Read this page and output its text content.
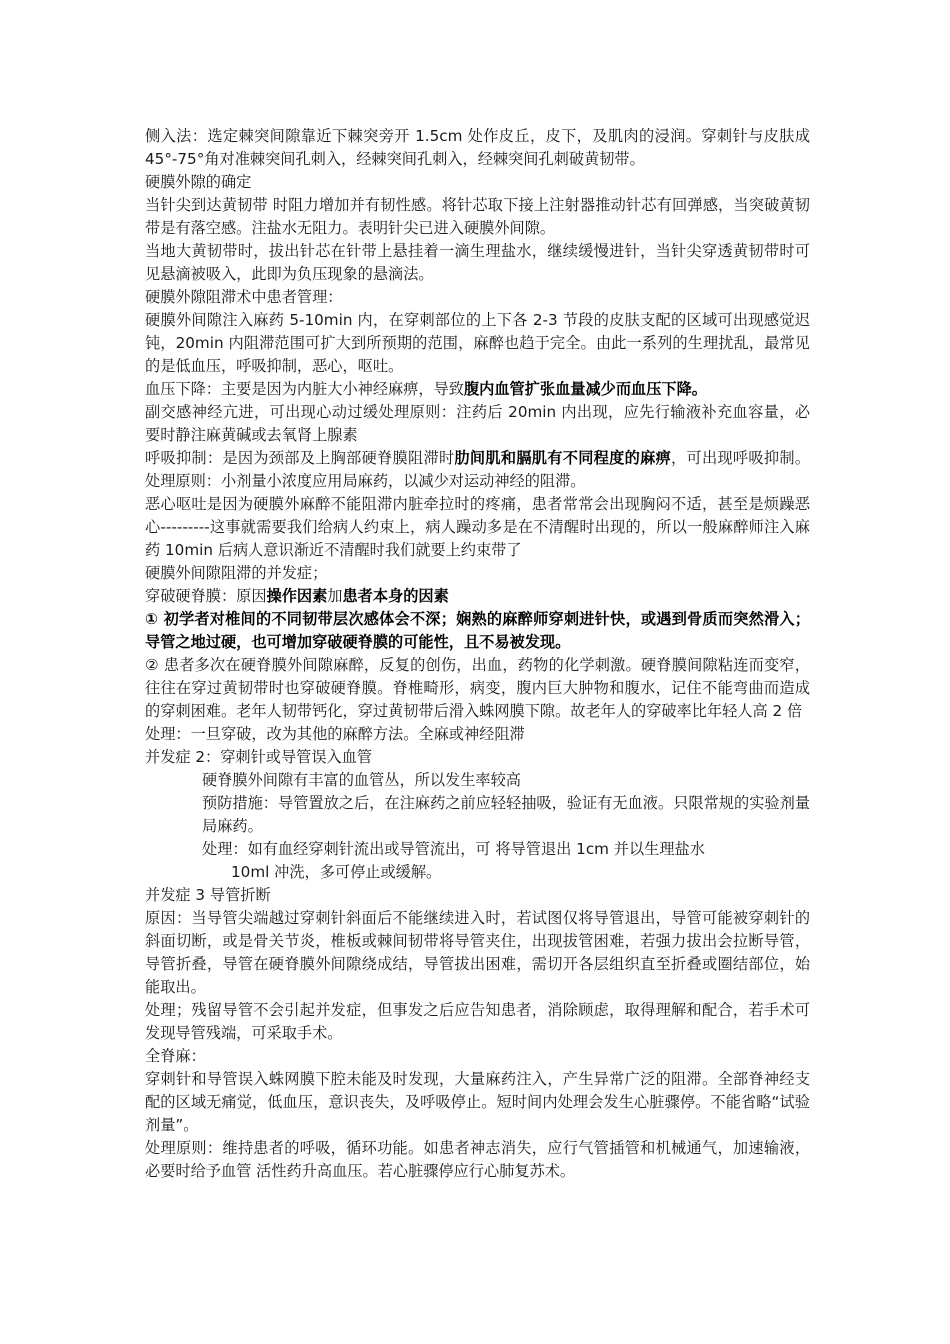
侧入法：选定棘突间隙靠近下棘突旁开 1.5cm 处作皮丘，皮下，及肌肉的浸润。穿刺针与皮肤成 45°-75°角对准棘突间孔刺入，经棘突间孔刺入，经棘突间孔刺破黄韧带。

硬膜外隙的确定

当针尖到达黄韧带 时阻力增加并有韧性感。将针芯取下接上注射器推动针芯有回弹感，当突破黄韧带是有落空感。注盐水无阻力。表明针尖已进入硬膜外间隙。

当地大黄韧带时，拔出针芯在针带上悬挂着一滴生理盐水，继续缓慢进针，当针尖穿透黄韧带时可见悬滴被吸入，此即为负压现象的悬滴法。

硬膜外隙阻滞术中患者管理：

硬膜外间隙注入麻药 5-10min 内，在穿刺部位的上下各 2-3 节段的皮肤支配的区域可出现感觉迟钝，20min 内阻滞范围可扩大到所预期的范围，麻醉也趋于完全。由此一系列的生理扰乱，最常见的是低血压，呼吸抑制，恶心，呕吐。

血压下降：主要是因为内脏大小神经麻痹，导致腹内血管扩张血量减少而血压下降。

副交感神经亢进，可出现心动过缓处理原则：注药后 20min 内出现，应先行输液补充血容量，必要时静注麻黄碱或去氧肾上腺素

呼吸抑制：是因为颈部及上胸部硬脊膜阻滞时肋间肌和膈肌有不同程度的麻痹，可出现呼吸抑制。处理原则：小剂量小浓度应用局麻药，以减少对运动神经的阻滞。

恶心呕吐是因为硬膜外麻醉不能阻滞内脏牵拉时的疼痛，患者常常会出现胸闷不适，甚至是烦躁恶心---------这事就需要我们给病人约束上，病人躁动多是在不清醒时出现的，所以一般麻醉师注入麻药 10min 后病人意识渐近不清醒时我们就要上约束带了

硬膜外间隙阻滞的并发症；

穿破硬脊膜：原因操作因素加患者本身的因素

① 初学者对椎间的不同韧带层次感体会不深；娴熟的麻醉师穿刺进针快，或遇到骨质而突然滑入；导管之地过硬，也可增加穿破硬脊膜的可能性，且不易被发现。

② 患者多次在硬脊膜外间隙麻醉，反复的创伤，出血，药物的化学刺激。硬脊膜间隙粘连而变窄，往往在穿过黄韧带时也穿破硬脊膜。脊椎畸形，病变，腹内巨大肿物和腹水，记住不能弯曲而造成的穿刺困难。老年人韧带钙化，穿过黄韧带后滑入蛛网膜下隙。故老年人的穿破率比年轻人高 2 倍

处理：一旦穿破，改为其他的麻醉方法。全麻或神经阻滞

并发症 2：穿刺针或导管误入血管

硬脊膜外间隙有丰富的血管丛，所以发生率较高

预防措施：导管置放之后，在注麻药之前应轻轻抽吸，验证有无血液。只限常规的实验剂量局麻药。

处理：如有血经穿刺针流出或导管流出，可 将导管退出 1cm 并以生理盐水

10ml 冲洗，多可停止或缓解。

并发症 3 导管折断

原因：当导管尖端越过穿刺针斜面后不能继续进入时，若试图仅将导管退出，导管可能被穿刺针的斜面切断，或是骨关节炎，椎板或棘间韧带将导管夹住，出现拔管困难，若强力拔出会拉断导管，导管折叠，导管在硬脊膜外间隙绕成结，导管拔出困难，需切开各层组织直至折叠或圈结部位，始能取出。

处理；残留导管不会引起并发症，但事发之后应告知患者，消除顾虑，取得理解和配合，若手术可发现导管残端，可采取手术。

全脊麻：

穿刺针和导管误入蛛网膜下腔未能及时发现，大量麻药注入，产生异常广泛的阻滞。全部脊神经支配的区域无痛觉，低血压，意识丧失，及呼吸停止。短时间内处理会发生心脏骤停。不能省略“试验剂量”。

处理原则：维持患者的呼吸，循环功能。如患者神志消失，应行气管插管和机械通气，加速输液，必要时给予血管 活性药升高血压。若心脏骤停应行心肺复苏术。
